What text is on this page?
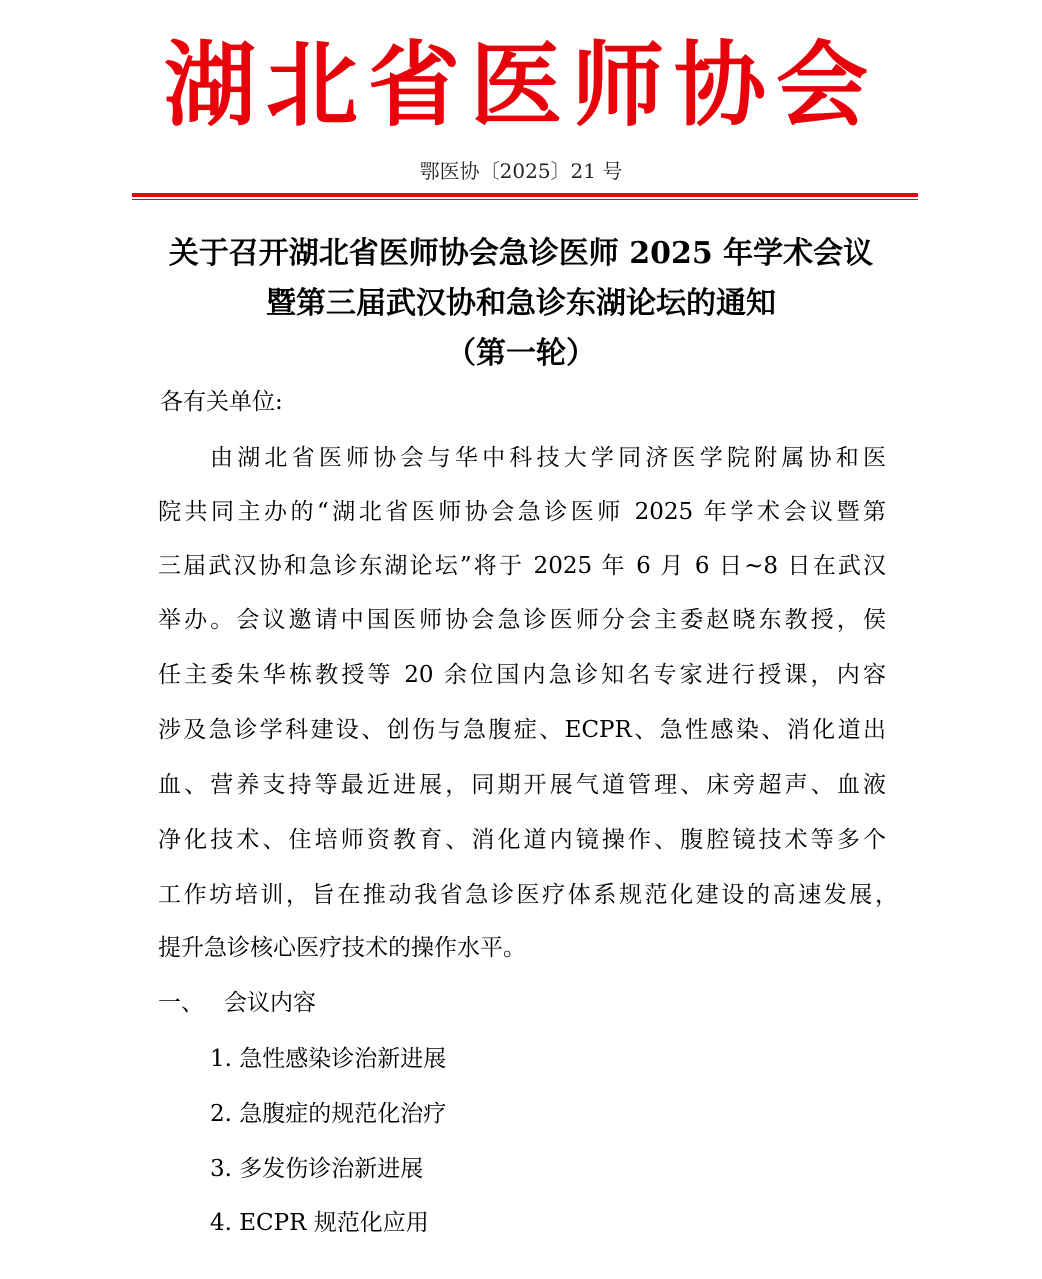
湖北省医师协会
鄂医协〔2025〕21 号
关于召开湖北省医师协会急诊医师 2025 年学术会议
暨第三届武汉协和急诊东湖论坛的通知
（第一轮）
各有关单位:
由湖北省医师协会与华中科技大学同济医学院附属协和医
院共同主办的“湖北省医师协会急诊医师 2025 年学术会议暨第
三届武汉协和急诊东湖论坛”将于 2025 年 6 月 6 日~8 日在武汉
举办。会议邀请中国医师协会急诊医师分会主委赵晓东教授，侯
任主委朱华栋教授等 20 余位国内急诊知名专家进行授课，内容
涉及急诊学科建设、创伤与急腹症、ECPR、急性感染、消化道出
血、营养支持等最近进展，同期开展气道管理、床旁超声、血液
净化技术、住培师资教育、消化道内镜操作、腹腔镜技术等多个
工作坊培训，旨在推动我省急诊医疗体系规范化建设的高速发展，
提升急诊核心医疗技术的操作水平。
一、 会议内容
1. 急性感染诊治新进展
2. 急腹症的规范化治疗
3. 多发伤诊治新进展
4. ECPR 规范化应用
